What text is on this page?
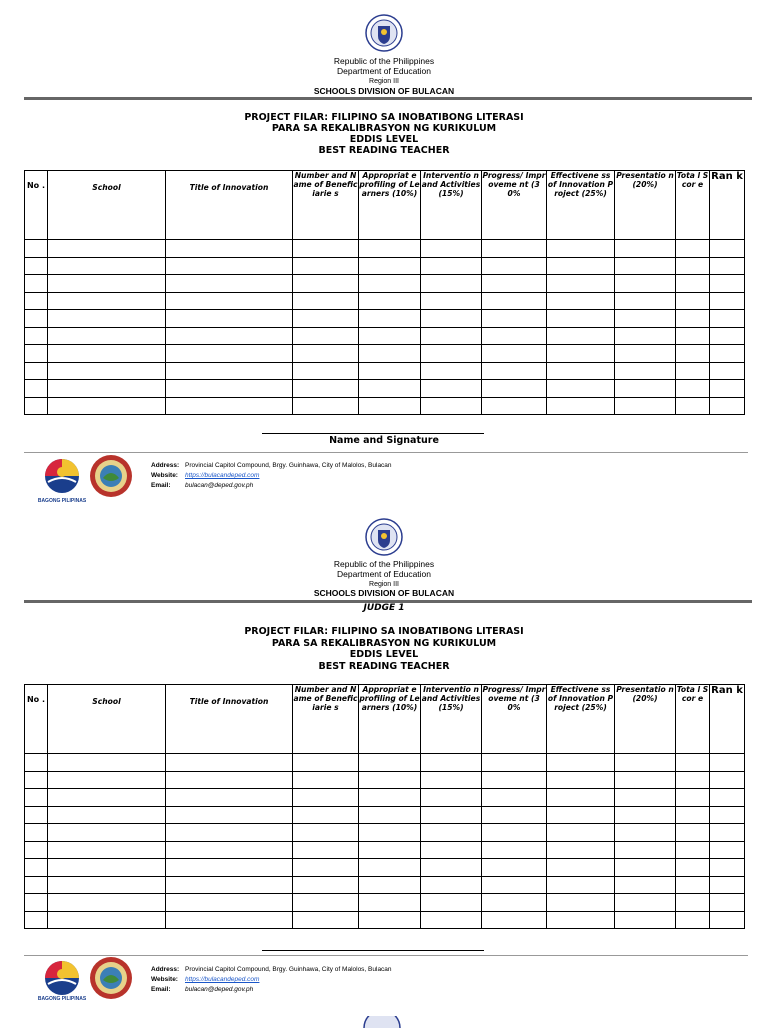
Republic of the Philippines
Department of Education
Region III
SCHOOLS DIVISION OF BULACAN
PROJECT FILAR: FILIPINO SA INOBATIBONG LITERASI
PARA SA REKALIBRASYON NG KURIKULUM
EDDIS LEVEL
BEST READING TEACHER
No .	School	Title of Innovation	Number and Name of Beneficiarie s	Appropriat e profiling of Learners (10%)	Interventio n and Activities (15%)	Progress/ Improveme nt (30%	Effectivene ss of Innovation Project (25%)	Presentatio n (20%)	Tota l Scor e	Ran k

Name and Signature
BAGONG PILIPINAS
Address: Provincial Capitol Compound, Brgy. Guinhawa, City of Malolos, Bulacan
Website: https://bulacandeped.com
Email: bulacan@deped.gov.ph
Republic of the Philippines
Department of Education
Region III
SCHOOLS DIVISION OF BULACAN
JUDGE 1
PROJECT FILAR: FILIPINO SA INOBATIBONG LITERASI
PARA SA REKALIBRASYON NG KURIKULUM
EDDIS LEVEL
BEST READING TEACHER
No .	School	Title of Innovation	Number and Name of Beneficiarie s	Appropriat e profiling of Learners (10%)	Interventio n and Activities (15%)	Progress/ Improveme nt (30%	Effectivene ss of Innovation Project (25%)	Presentatio n (20%)	Tota l Scor e	Ran k

BAGONG PILIPINAS
Address: Provincial Capitol Compound, Brgy. Guinhawa, City of Malolos, Bulacan
Website: https://bulacandeped.com
Email: bulacan@deped.gov.ph
